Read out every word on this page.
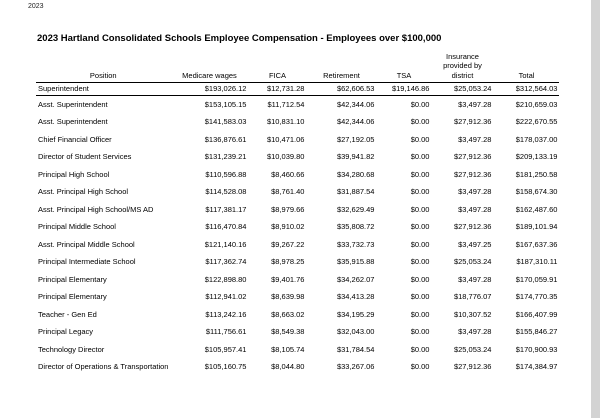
2023
2023 Hartland Consolidated Schools Employee Compensation - Employees over $100,000
Position	Medicare wages	FICA	Retirement	TSA	Insurance provided by district	Total
Superintendent	$193,026.12	$12,731.28	$62,606.53	$19,146.86	$25,053.24	$312,564.03
Asst. Superintendent	$153,105.15	$11,712.54	$42,344.06	$0.00	$3,497.28	$210,659.03
Asst. Superintendent	$141,583.03	$10,831.10	$42,344.06	$0.00	$27,912.36	$222,670.55
Chief Financial Officer	$136,876.61	$10,471.06	$27,192.05	$0.00	$3,497.28	$178,037.00
Director of Student Services	$131,239.21	$10,039.80	$39,941.82	$0.00	$27,912.36	$209,133.19
Principal High School	$110,596.88	$8,460.66	$34,280.68	$0.00	$27,912.36	$181,250.58
Asst. Principal High School	$114,528.08	$8,761.40	$31,887.54	$0.00	$3,497.28	$158,674.30
Asst. Principal High School/MS AD	$117,381.17	$8,979.66	$32,629.49	$0.00	$3,497.28	$162,487.60
Principal Middle School	$116,470.84	$8,910.02	$35,808.72	$0.00	$27,912.36	$189,101.94
Asst. Principal Middle School	$121,140.16	$9,267.22	$33,732.73	$0.00	$3,497.25	$167,637.36
Principal Intermediate School	$117,362.74	$8,978.25	$35,915.88	$0.00	$25,053.24	$187,310.11
Principal Elementary	$122,898.80	$9,401.76	$34,262.07	$0.00	$3,497.28	$170,059.91
Principal Elementary	$112,941.02	$8,639.98	$34,413.28	$0.00	$18,776.07	$174,770.35
Teacher - Gen Ed	$113,242.16	$8,663.02	$34,195.29	$0.00	$10,307.52	$166,407.99
Principal Legacy	$111,756.61	$8,549.38	$32,043.00	$0.00	$3,497.28	$155,846.27
Technology Director	$105,957.41	$8,105.74	$31,784.54	$0.00	$25,053.24	$170,900.93
Director of Operations & Transportation	$105,160.75	$8,044.80	$33,267.06	$0.00	$27,912.36	$174,384.97
